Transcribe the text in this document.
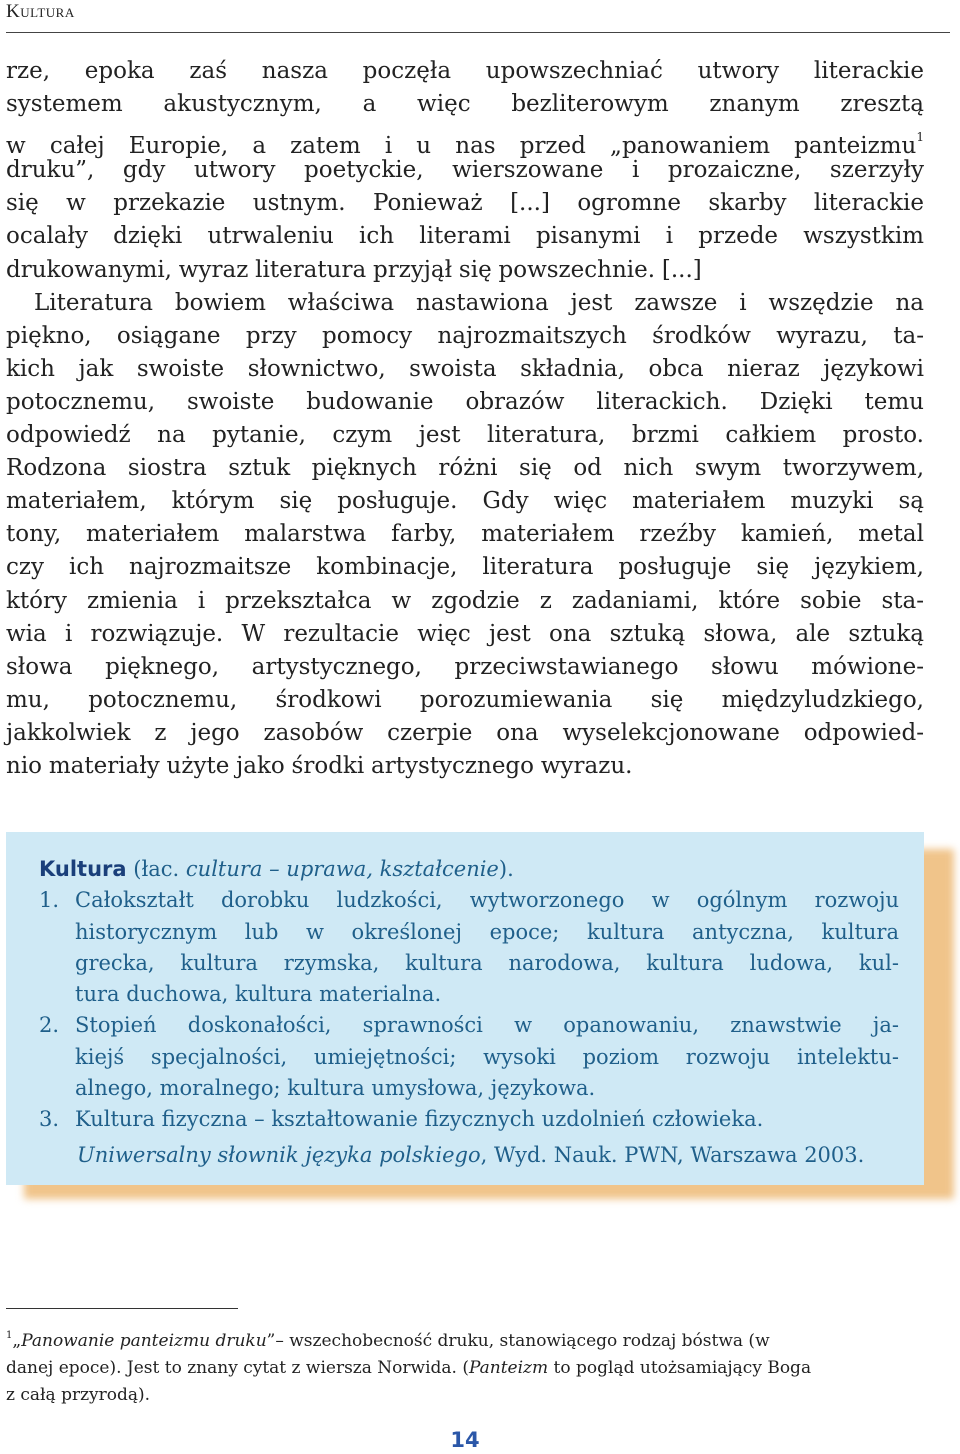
Kultura
rze, epoka zaś nasza poczęła upowszechniać utwory literackie
systemem akustycznym, a więc bezliterowym znanym zresztą
w całej Europie, a zatem i u nas przed „panowaniem panteizmu$^1$
druku”, gdy utwory poetyckie, wierszowane i prozaiczne, szerzyły
się w przekazie ustnym. Ponieważ [...] ogromne skarby literackie
ocalały dzięki utrwaleniu ich literami pisanymi i przede wszystkim
drukowanymi, wyraz literatura przyjął się powszechnie. [...]
Literatura bowiem właściwa nastawiona jest zawsze i wszędzie na
piękno, osiągane przy pomocy najrozmaitszych środków wyrazu, ta-
kich jak swoiste słownictwo, swoista składnia, obca nieraz językowi
potocznemu, swoiste budowanie obrazów literackich. Dzięki temu
odpowiedź na pytanie, czym jest literatura, brzmi całkiem prosto.
Rodzona siostra sztuk pięknych różni się od nich swym tworzywem,
materiałem, którym się posługuje. Gdy więc materiałem muzyki są
tony, materiałem malarstwa farby, materiałem rzeźby kamień, metal
czy ich najrozmaitsze kombinacje, literatura posługuje się językiem,
który zmienia i przekształca w zgodzie z zadaniami, które sobie sta-
wia i rozwiązuje. W rezultacie więc jest ona sztuką słowa, ale sztuką
słowa pięknego, artystycznego, przeciwstawianego słowu mówione-
mu, potocznemu, środkowi porozumiewania się międzyludzkiego,
jakkolwiek z jego zasobów czerpie ona wyselekcjonowane odpowied-
nio materiały użyte jako środki artystycznego wyrazu.
Kultura (łac. cultura – uprawa, kształcenie).
1. Całokształt dorobku ludzkości, wytworzonego w ogólnym rozwoju
historycznym lub w określonej epoce; kultura antyczna, kultura
grecka, kultura rzymska, kultura narodowa, kultura ludowa, kul-
tura duchowa, kultura materialna.
2. Stopień doskonałości, sprawności w opanowaniu, znawstwie ja-
kiejś specjalności, umiejętności; wysoki poziom rozwoju intelektu-
alnego, moralnego; kultura umysłowa, językowa.
3. Kultura fizyczna – kształtowanie fizycznych uzdolnień człowieka.
Uniwersalny słownik języka polskiego, Wyd. Nauk. PWN, Warszawa 2003.
$^1$„Panowanie panteizmu druku”– wszechobecność druku, stanowiącego rodzaj bóstwa (w
danej epoce). Jest to znany cytat z wiersza Norwida. (Panteizm to pogląd utożsamiający Boga
z całą przyrodą).
14
